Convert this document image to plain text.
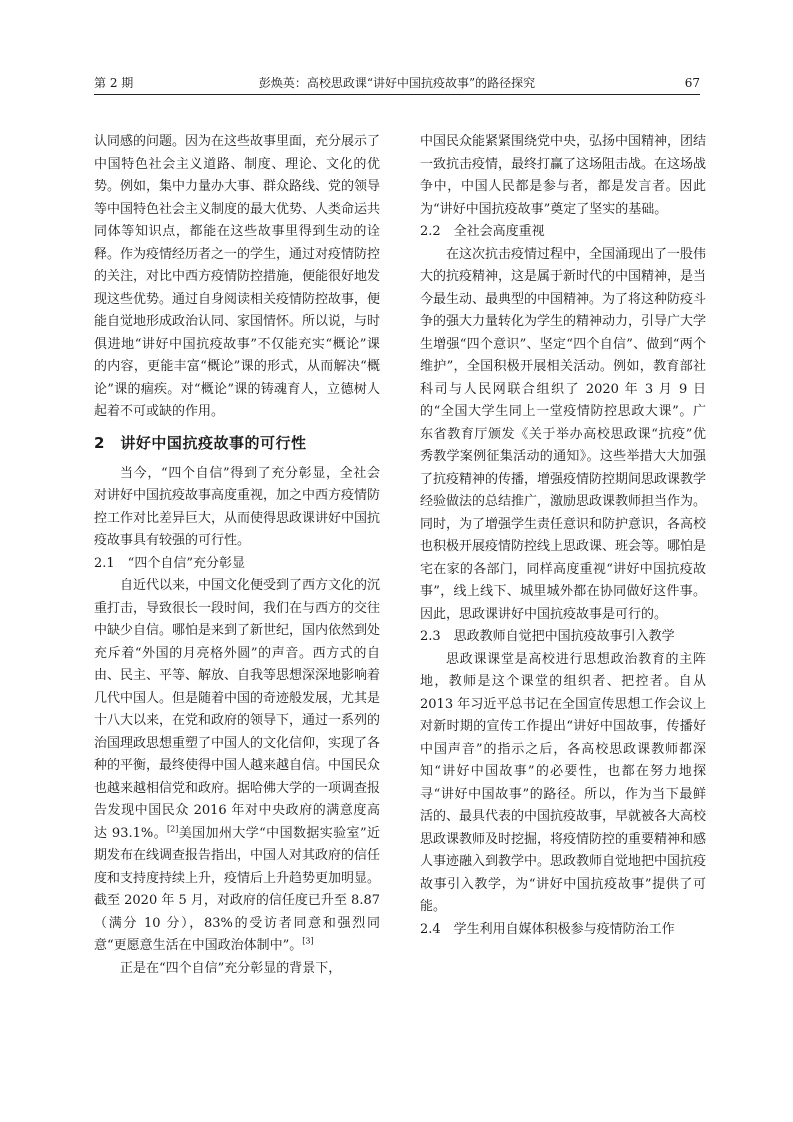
第 2 期	彭焕英：高校思政课“讲好中国抗疫故事”的路径探究	67

认同感的问题。因为在这些故事里面，充分展示了中国特色社会主义道路、制度、理论、文化的优势。例如，集中力量办大事、群众路线、党的领导等中国特色社会主义制度的最大优势、人类命运共同体等知识点，都能在这些故事里得到生动的诠释。作为疫情经历者之一的学生，通过对疫情防控的关注，对比中西方疫情防控措施，便能很好地发现这些优势。通过自身阅读相关疫情防控故事，便能自觉地形成政治认同、家国情怀。所以说，与时俱进地“讲好中国抗疫故事”不仅能充实“概论”课的内容，更能丰富“概论”课的形式，从而解决“概论”课的痼疾。对“概论”课的铸魂育人，立德树人起着不可或缺的作用。

2　讲好中国抗疫故事的可行性

当今，“四个自信”得到了充分彰显，全社会对讲好中国抗疫故事高度重视，加之中西方疫情防控工作对比差异巨大，从而使得思政课讲好中国抗疫故事具有较强的可行性。

2.1　“四个自信”充分彰显

自近代以来，中国文化便受到了西方文化的沉重打击，导致很长一段时间，我们在与西方的交往中缺少自信。哪怕是来到了新世纪，国内依然到处充斥着“外国的月亮格外圆”的声音。西方式的自由、民主、平等、解放、自我等思想深深地影响着几代中国人。但是随着中国的奇迹般发展，尤其是十八大以来，在党和政府的领导下，通过一系列的治国理政思想重塑了中国人的文化信仰，实现了各种的平衡，最终使得中国人越来越自信。中国民众也越来越相信党和政府。据哈佛大学的一项调查报告发现中国民众 2016 年对中央政府的满意度高达 93.1%。[2]美国加州大学“中国数据实验室”近期发布在线调查报告指出，中国人对其政府的信任度和支持度持续上升，疫情后上升趋势更加明显。截至 2020 年 5 月，对政府的信任度已升至 8.87（满分 10 分），83%的受访者同意和强烈同意“更愿意生活在中国政治体制中”。[3]

正是在“四个自信”充分彰显的背景下，

中国民众能紧紧围绕党中央，弘扬中国精神，团结一致抗击疫情，最终打赢了这场阻击战。在这场战争中，中国人民都是参与者，都是发言者。因此为“讲好中国抗疫故事”奠定了坚实的基础。

2.2　全社会高度重视

在这次抗击疫情过程中，全国涌现出了一股伟大的抗疫精神，这是属于新时代的中国精神，是当今最生动、最典型的中国精神。为了将这种防疫斗争的强大力量转化为学生的精神动力，引导广大学生增强“四个意识”、坚定“四个自信”、做到“两个维护”，全国积极开展相关活动。例如，教育部社科司与人民网联合组织了 2020 年 3 月 9 日的“全国大学生同上一堂疫情防控思政大课”。广东省教育厅颁发《关于举办高校思政课“抗疫”优秀教学案例征集活动的通知》。这些举措大大加强了抗疫精神的传播，增强疫情防控期间思政课教学经验做法的总结推广，激励思政课教师担当作为。同时，为了增强学生责任意识和防护意识，各高校也积极开展疫情防控线上思政课、班会等。哪怕是宅在家的各部门，同样高度重视“讲好中国抗疫故事”，线上线下、城里城外都在协同做好这件事。因此，思政课讲好中国抗疫故事是可行的。

2.3　思政教师自觉把中国抗疫故事引入教学

思政课课堂是高校进行思想政治教育的主阵地，教师是这个课堂的组织者、把控者。自从 2013 年习近平总书记在全国宣传思想工作会议上对新时期的宣传工作提出“讲好中国故事，传播好中国声音”的指示之后，各高校思政课教师都深知“讲好中国故事”的必要性，也都在努力地探寻“讲好中国故事”的路径。所以，作为当下最鲜活的、最具代表的中国抗疫故事，早就被各大高校思政课教师及时挖掘，将疫情防控的重要精神和感人事迹融入到教学中。思政教师自觉地把中国抗疫故事引入教学，为“讲好中国抗疫故事”提供了可能。

2.4　学生利用自媒体积极参与疫情防治工作
